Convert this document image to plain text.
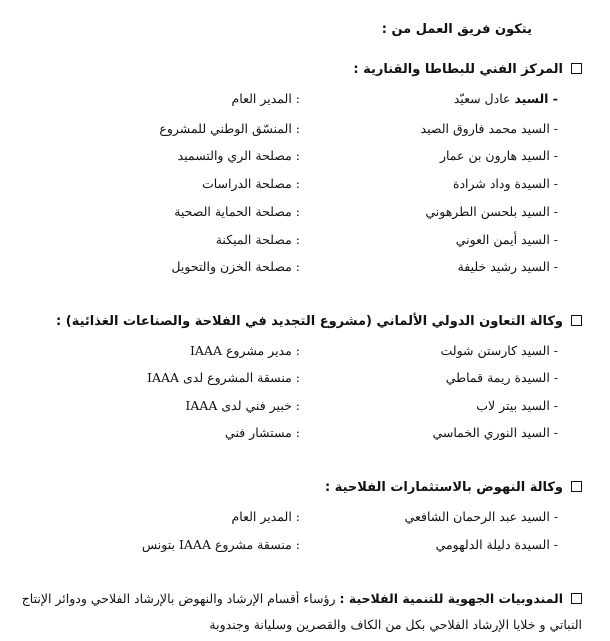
يتكون فريق العمل من :
المركز الفني للبطاطا والقنارية :
- السيد عادل سعيّد
: المدير العام
- السيد محمد فاروق الصيد
: المنسّق الوطني للمشروع
- السيد هارون بن عمار
: مصلحة الري والتسميد
- السيدة وداد شرادة
: مصلحة الدراسات
- السيد بلحسن الطرهوني
: مصلحة الحماية الصحية
- السيد أيمن العوني
: مصلحة الميكنة
- السيد رشيد خليفة
: مصلحة الخزن والتحويل
وكالة التعاون الدولي الألماني (مشروع التجديد في الفلاحة والصناعات الغذائية) :
- السيد كارستن شولت
: مدير مشروع IAAA
- السيدة ريمة قماطي
: منسقة المشروع لدى IAAA
- السيد بيتر لاب
: خبير فني لدى IAAA
- السيد النوري الخماسي
: مستشار فني
وكالة النهوض بالاستثمارات الفلاحية :
- السيد عبد الرحمان الشافعي
: المدير العام
- السيدة دليلة الدلهومي
: منسقة مشروع IAAA بتونس
المندوبيات الجهوية للتنمية الفلاحية : رؤساء أقسام الإرشاد والنهوض بالإرشاد الفلاحي ودوائر الإنتاج
النباتي و خلايا الإرشاد الفلاحي بكل من الكاف والقصرين وسليانة وجندوبة
